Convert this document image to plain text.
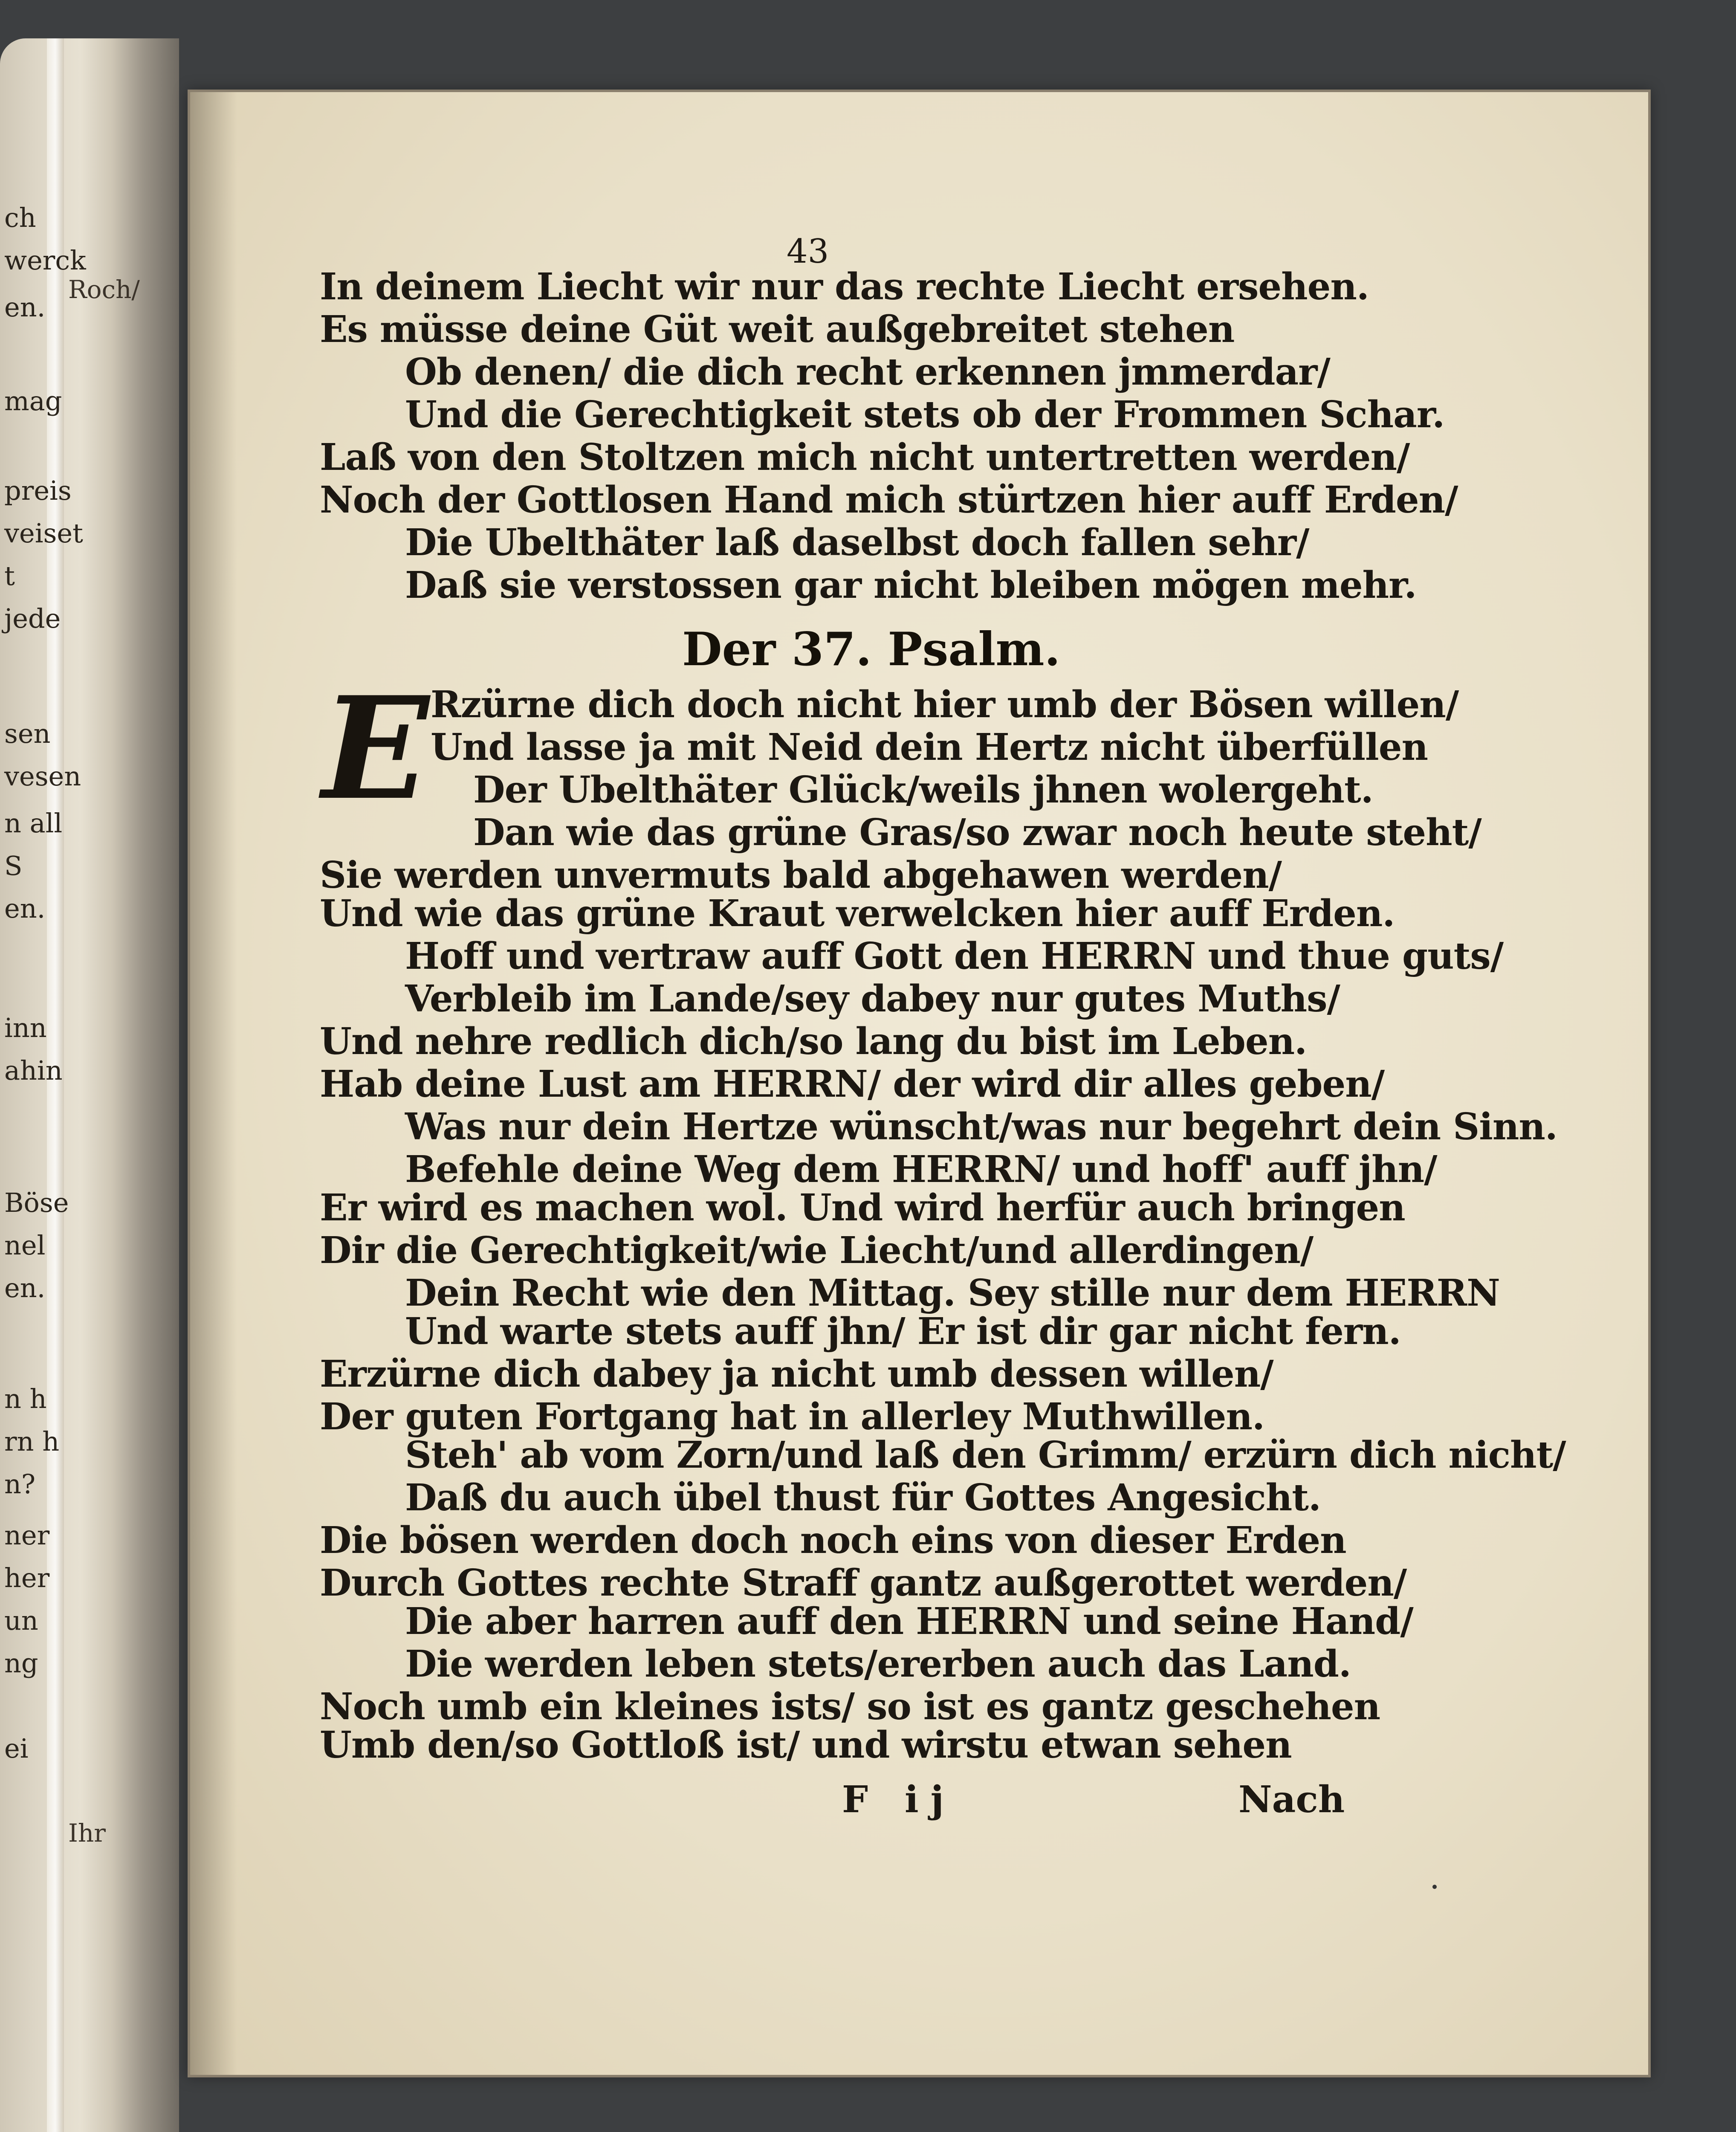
ch
werck
en.
Roch/
mag
preis
veiset
t
jede
sen
vesen
n all
S
en.
inn
ahin
Böse
nel
en.
n h
rn h
n?
ner
her
un
ng
ei
Ihr
43
In deinem Liecht wir nur das rechte Liecht ersehen.
Es müsse deine Güt weit außgebreitet stehen
Ob denen/ die dich recht erkennen jmmerdar/
Und die Gerechtigkeit stets ob der Frommen Schar.
Laß von den Stoltzen mich nicht untertretten werden/
Noch der Gottlosen Hand mich stürtzen hier auff Erden/
Die Ubelthäter laß daselbst doch fallen sehr/
Daß sie verstossen gar nicht bleiben mögen mehr.
Der 37. Psalm.
E Rzürne dich doch nicht hier umb der Bösen willen/
Und lasse ja mit Neid dein Hertz nicht überfüllen
Der Ubelthäter Glück/weils jhnen wolergeht.
Dan wie das grüne Gras/so zwar noch heute steht/
Sie werden unvermuts bald abgehawen werden/
Und wie das grüne Kraut verwelcken hier auff Erden.
Hoff und vertraw auff Gott den HERRN und thue guts/
Verbleib im Lande/sey dabey nur gutes Muths/
Und nehre redlich dich/so lang du bist im Leben.
Hab deine Lust am HERRN/ der wird dir alles geben/
Was nur dein Hertze wünscht/was nur begehrt dein Sinn.
Befehle deine Weg dem HERRN/ und hoff' auff jhn/
Er wird es machen wol. Und wird herfür auch bringen
Dir die Gerechtigkeit/wie Liecht/und allerdingen/
Dein Recht wie den Mittag. Sey stille nur dem HERRN
Und warte stets auff jhn/ Er ist dir gar nicht fern.
Erzürne dich dabey ja nicht umb dessen willen/
Der guten Fortgang hat in allerley Muthwillen.
Steh' ab vom Zorn/und laß den Grimm/ erzürn dich nicht/
Daß du auch übel thust für Gottes Angesicht.
Die bösen werden doch noch eins von dieser Erden
Durch Gottes rechte Straff gantz außgerottet werden/
Die aber harren auff den HERRN und seine Hand/
Die werden leben stets/ererben auch das Land.
Noch umb ein kleines ists/ so ist es gantz geschehen
Umb den/so Gottloß ist/ und wirstu etwan sehen
F ij	Nach
